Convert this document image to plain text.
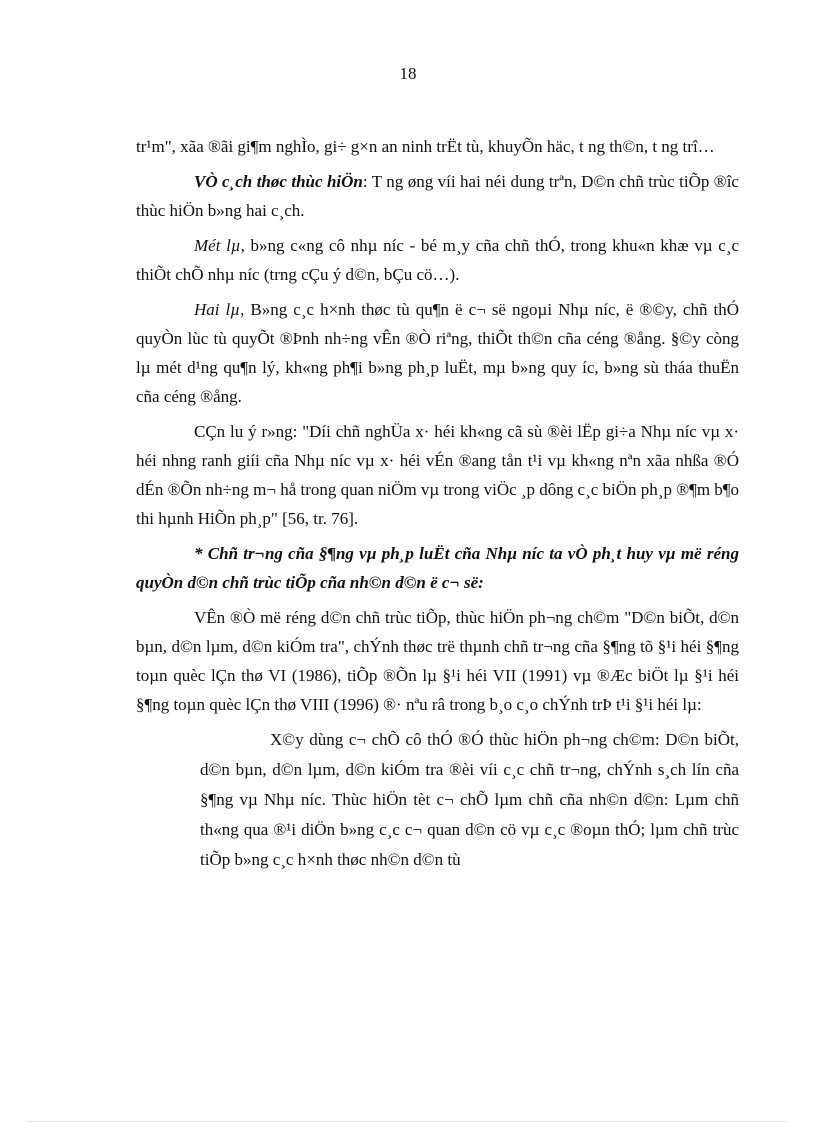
18

tr¹m", xãa ®ãi gi¶m nghÌo, gi÷ g×n an ninh trËt tù, khuyÕn häc, t ng th©n, t ng trî…

VÒ c¸ch thøc thùc hiÖn: T ng øng víi hai néi dung trªn, D©n chñ trùc tiÕp ®îc thùc hiÖn b»ng hai c¸ch.

Mét lµ, b»ng c«ng cô nhµ níc - bé m¸y cña chñ thÓ, trong khu«n khæ vµ c¸c thiÕt chÕ nhµ níc (trng cÇu ý d©n, bÇu cö…).

Hai lµ, B»ng c¸c h×nh thøc tù qu¶n ë c¬ së ngoµi Nhµ níc, ë ®©y, chñ thÓ quyÒn lùc tù quyÕt ®Þnh nh÷ng vÊn ®Ò riªng, thiÕt th©n cña céng ®ång. §©y còng lµ mét d¹ng qu¶n lý, kh«ng ph¶i b»ng ph¸p luËt, mµ b»ng quy íc, b»ng sù tháa thuËn cña céng ®ång.

CÇn lu ý r»ng: "Díi chñ nghÜa x· héi kh«ng cã sù ®èi lËp gi÷a Nhµ níc vµ x· héi nhng ranh giíi cña Nhµ níc vµ x· héi vÉn ®ang tån t¹i vµ kh«ng nªn xãa nhßa ®Ó dÉn ®Õn nh÷ng m¬ hå trong quan niÖm vµ trong viÖc ¸p dông c¸c biÖn ph¸p ®¶m b¶o thi hµnh HiÕn ph¸p" [56, tr. 76].

* Chñ tr¬ng cña §¶ng vµ ph¸p luËt cña Nhµ níc ta vÒ ph¸t huy vµ më réng quyÒn d©n chñ trùc tiÕp cña nh©n d©n ë c¬ së:

VÊn ®Ò më réng d©n chñ trùc tiÕp, thùc hiÖn ph¬ng ch©m "D©n biÕt, d©n bµn, d©n lµm, d©n kiÓm tra", chÝnh thøc trë thµnh chñ tr¬ng cña §¶ng tõ §¹i héi §¶ng toµn quèc lÇn thø VI (1986), tiÕp ®Õn lµ §¹i héi VII (1991) vµ ®Æc biÖt lµ §¹i héi §¶ng toµn quèc lÇn thø VIII (1996) ®· nªu râ trong b¸o c¸o chÝnh trÞ t¹i §¹i héi lµ:

X©y dùng c¬ chÕ cô thÓ ®Ó thùc hiÖn ph¬ng ch©m: D©n biÕt, d©n bµn, d©n lµm, d©n kiÓm tra ®èi víi c¸c chñ tr¬ng, chÝnh s¸ch lín cña §¶ng vµ Nhµ níc. Thùc hiÖn tèt c¬ chÕ lµm chñ cña nh©n d©n: Lµm chñ th«ng qua ®¹i diÖn b»ng c¸c c¬ quan d©n cö vµ c¸c ®oµn thÓ; lµm chñ trùc tiÕp b»ng c¸c h×nh thøc nh©n d©n tù
